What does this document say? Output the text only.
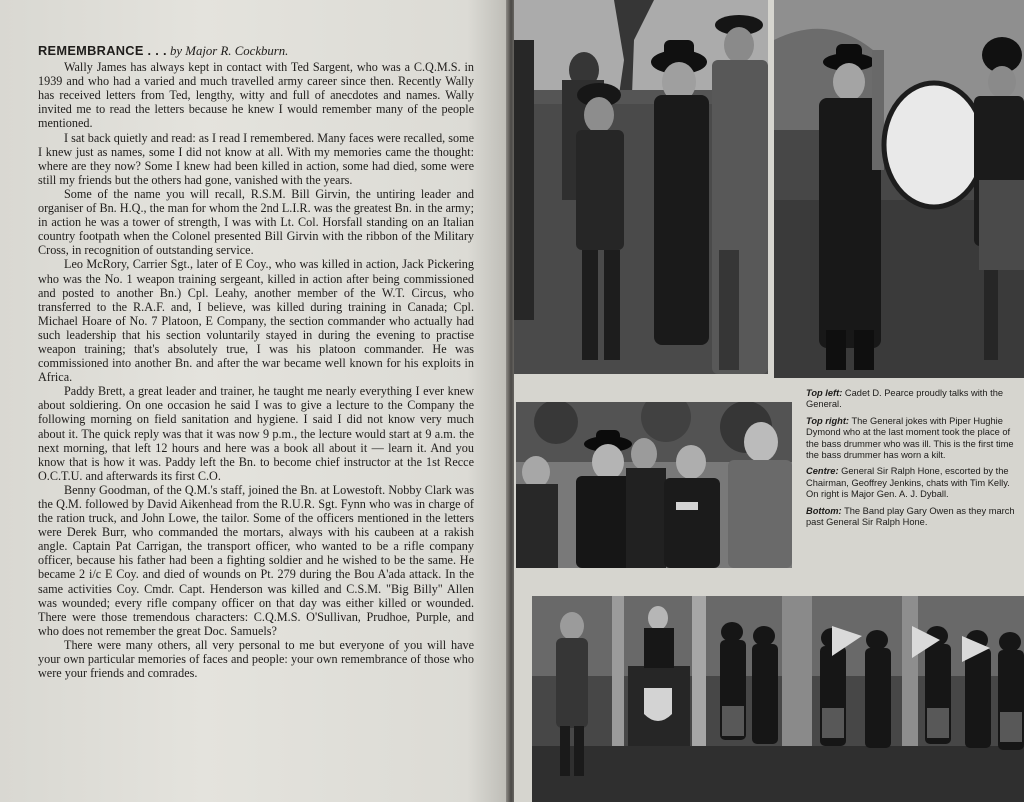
REMEMBRANCE . . . by Major R. Cockburn.

Wally James has always kept in contact with Ted Sargent, who was a C.Q.M.S. in 1939 and who had a varied and much travelled army career since then. Recently Wally has received letters from Ted, lengthy, witty and full of anecdotes and names. Wally invited me to read the letters because he knew I would remember many of the people mentioned.

I sat back quietly and read: as I read I remembered. Many faces were recalled, some I knew just as names, some I did not know at all. With my memories came the thought: where are they now? Some I knew had been killed in action, some had died, some were still my friends but the others had gone, vanished with the years.

Some of the name you will recall, R.S.M. Bill Girvin, the untiring leader and organiser of Bn. H.Q., the man for whom the 2nd L.I.R. was the greatest Bn. in the army; in action he was a tower of strength, I was with Lt. Col. Horsfall standing on an Italian country footpath when the Colonel presented Bill Girvin with the ribbon of the Military Cross, in recognition of outstanding service.

Leo McRory, Carrier Sgt., later of E Coy., who was killed in action, Jack Pickering who was the No. 1 weapon training sergeant, killed in action after being commissioned and posted to another Bn.) Cpl. Leahy, another member of the W.T. Circus, who transferred to the R.A.F. and, I believe, was killed during training in Canada; Cpl. Michael Hoare of No. 7 Platoon, E Company, the section commander who actually had such leadership that his section voluntarily stayed in during the evening to practise weapon training; that's absolutely true, I was his platoon commander. He was commissioned into another Bn. and after the war became well known for his exploits in Africa.

Paddy Brett, a great leader and trainer, he taught me nearly everything I ever knew about soldiering. On one occasion he said I was to give a lecture to the Company the following morning on field sanitation and hygiene. I said I did not know very much about it. The quick reply was that it was now 9 p.m., the lecture would start at 9 a.m. the next morning, that left 12 hours and here was a book all about it — learn it. And you know that is how it was. Paddy left the Bn. to become chief instructor at the 1st Recce O.C.T.U. and afterwards its first C.O.

Benny Goodman, of the Q.M.'s staff, joined the Bn. at Lowestoft. Nobby Clark was the Q.M. followed by David Aikenhead from the R.U.R. Sgt. Fynn who was in charge of the ration truck, and John Lowe, the tailor. Some of the officers mentioned in the letters were Derek Burr, who commanded the mortars, always with his caubeen at a rakish angle. Captain Pat Carrigan, the transport officer, who wanted to be a rifle company officer, because his father had been a fighting soldier and he wished to be the same. He became 2 i/c E Coy. and died of wounds on Pt. 279 during the Bou A'ada attack. In the same activities Coy. Cmdr. Capt. Henderson was killed and C.S.M. "Big Billy" Allen was wounded; every rifle company officer on that day was either killed or wounded. There were those tremendous characters: C.Q.M.S. O'Sullivan, Prudhoe, Purple, and who does not remember the great Doc. Samuels?

There were many others, all very personal to me but everyone of you will have your own particular memories of faces and people: your own remembrance of those who were your friends and comrades.

Top left: Cadet D. Pearce proudly talks with the General.

Top right: The General jokes with Piper Hughie Dymond who at the last moment took the place of the bass drummer who was ill. This is the first time the bass drummer has worn a kilt.

Centre: General Sir Ralph Hone, escorted by the Chairman, Geoffrey Jenkins, chats with Tim Kelly. On right is Major Gen. A. J. Dyball.

Bottom: The Band play Gary Owen as they march past General Sir Ralph Hone.
